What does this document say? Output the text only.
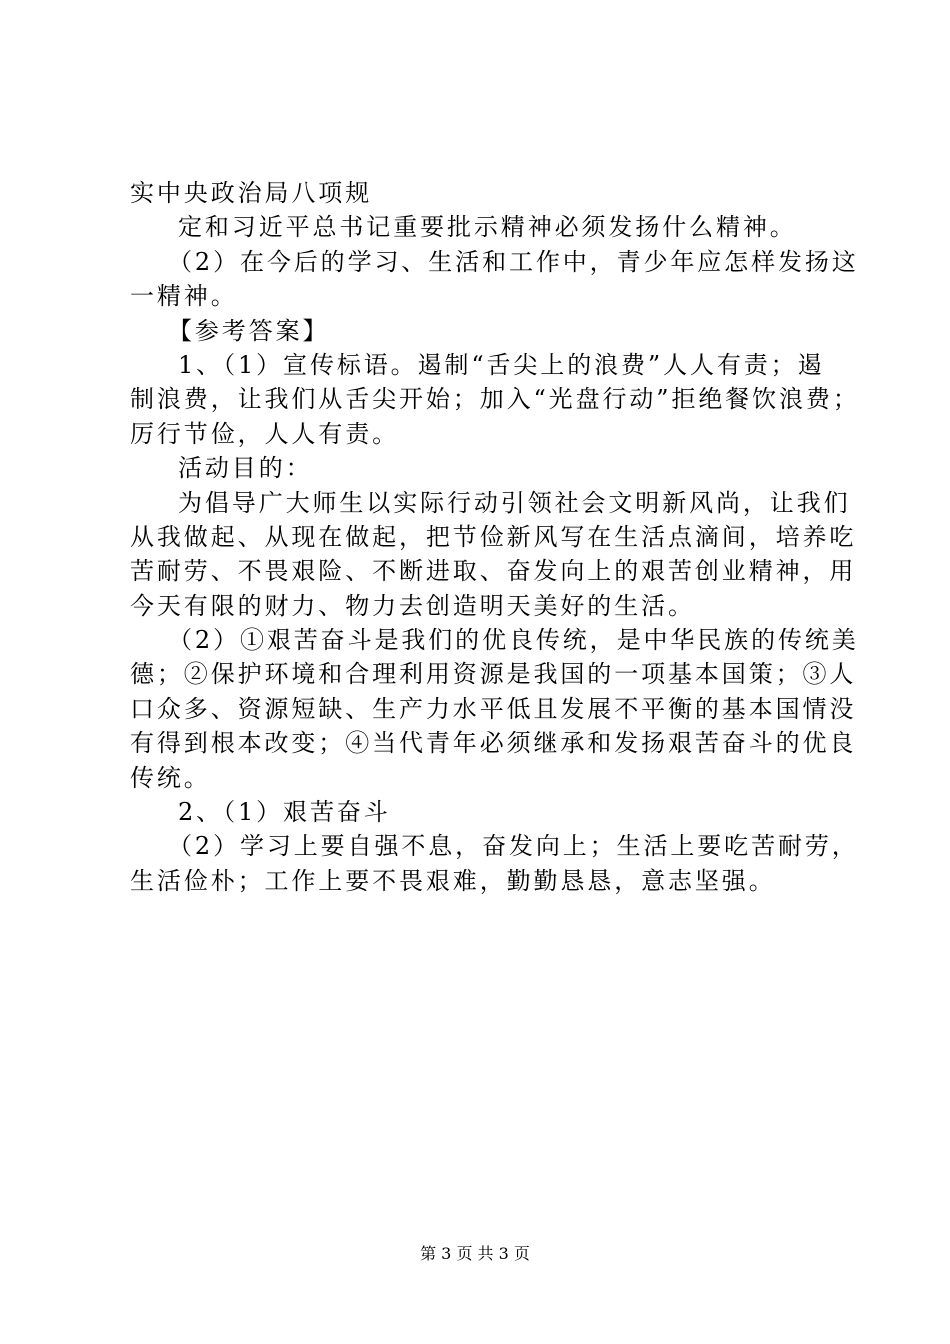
实中央政治局八项规
定和习近平总书记重要批示精神必须发扬什么精神。
（2）在今后的学习、生活和工作中，青少年应怎样发扬这
一精神。
【参考答案】
1、（1）宣传标语。遏制“舌尖上的浪费”人人有责；遏
制浪费，让我们从舌尖开始；加入“光盘行动”拒绝餐饮浪费；
厉行节俭，人人有责。
活动目的：
为倡导广大师生以实际行动引领社会文明新风尚，让我们
从我做起、从现在做起，把节俭新风写在生活点滴间，培养吃
苦耐劳、不畏艰险、不断进取、奋发向上的艰苦创业精神，用
今天有限的财力、物力去创造明天美好的生活。
（2）①艰苦奋斗是我们的优良传统，是中华民族的传统美
德；②保护环境和合理利用资源是我国的一项基本国策；③人
口众多、资源短缺、生产力水平低且发展不平衡的基本国情没
有得到根本改变；④当代青年必须继承和发扬艰苦奋斗的优良
传统。
2、（1）艰苦奋斗
（2）学习上要自强不息，奋发向上；生活上要吃苦耐劳，
生活俭朴；工作上要不畏艰难，勤勤恳恳，意志坚强。
第 3 页 共 3 页
